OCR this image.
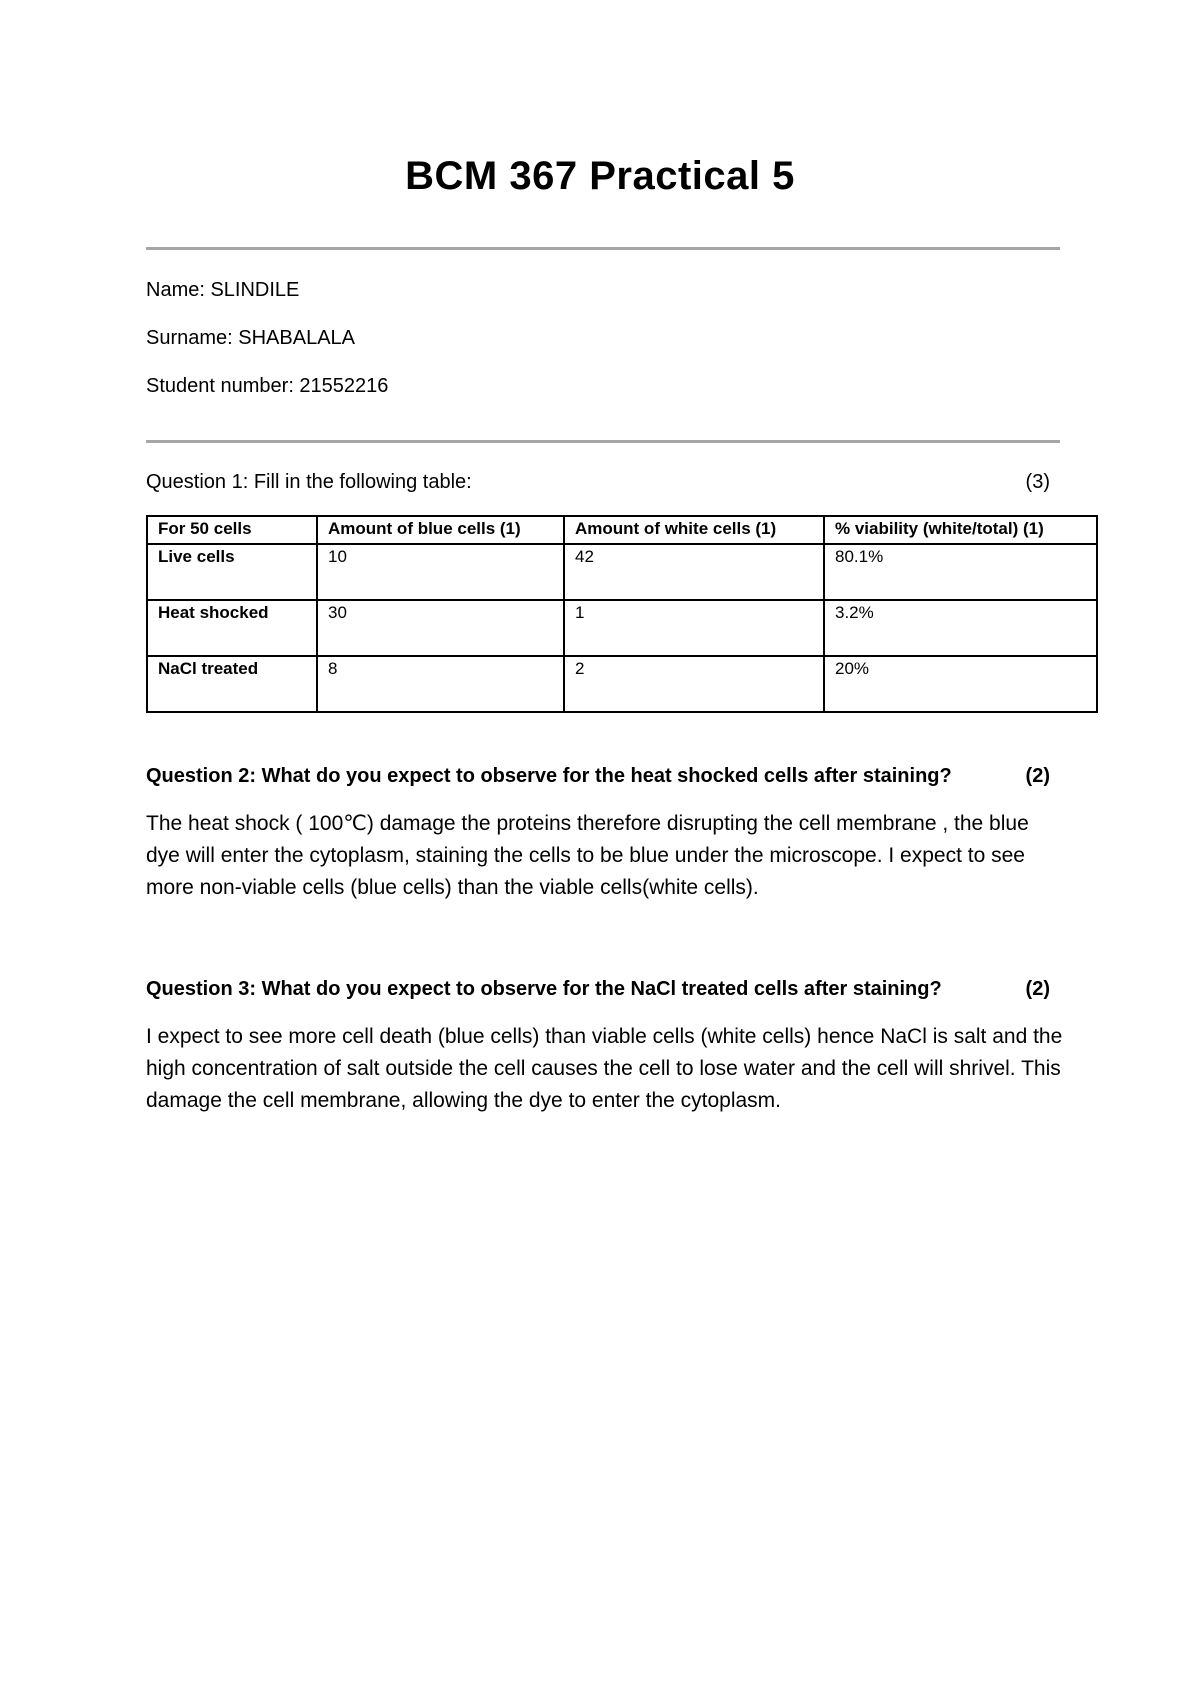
BCM 367 Practical 5
Name: SLINDILE
Surname: SHABALALA
Student number: 21552216
Question 1: Fill in the following table:	(3)
For 50 cells	Amount of blue cells (1)	Amount of white cells (1)	% viability (white/total) (1)
Live cells	10	42	80.1%
Heat shocked	30	1	3.2%
NaCl treated	8	2	20%
Question 2: What do you expect to observe for the heat shocked cells after staining?	(2)
The heat shock ( 100℃) damage the proteins therefore disrupting the cell membrane , the blue dye will enter the cytoplasm, staining the cells to be blue under the microscope. I expect to see more non-viable cells (blue cells) than the viable cells(white cells).
Question 3: What do you expect to observe for the NaCl treated cells after staining?	(2)
I expect to see more cell death (blue cells) than viable cells (white cells) hence NaCl is salt and the high concentration of salt outside the cell causes the cell to lose water and the cell will shrivel. This damage the cell membrane, allowing the dye to enter the cytoplasm.
